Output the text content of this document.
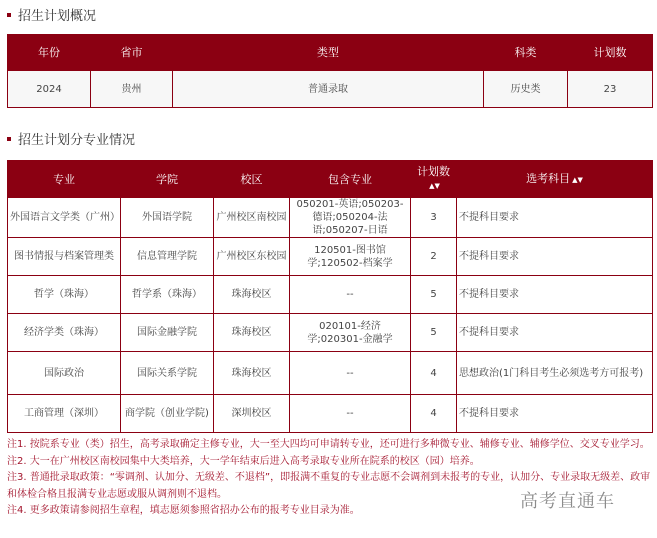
招生计划概况
年份	省市	类型	科类	计划数
2024	贵州	普通录取	历史类	23
招生计划分专业情况
专业	学院	校区	包含专业	计划数▲▼	选考科目 ▲▼
外国语言文学类（广州）	外国语学院	广州校区南校园	050201-英语;050203-德语;050204-法语;050207-日语	3	不提科目要求
图书情报与档案管理类	信息管理学院	广州校区东校园	120501-图书馆学;120502-档案学	2	不提科目要求
哲学（珠海）	哲学系（珠海）	珠海校区	--	5	不提科目要求
经济学类（珠海）	国际金融学院	珠海校区	020101-经济学;020301-金融学	5	不提科目要求
国际政治	国际关系学院	珠海校区	--	4	思想政治(1门科目考生必须选考方可报考)
工商管理（深圳）	商学院（创业学院)	深圳校区	--	4	不提科目要求
注1. 按院系专业（类）招生，高考录取确定主修专业，大一至大四均可申请转专业，还可进行多种微专业、辅修专业、辅修学位、交叉专业学习。
注2. 大一在广州校区南校园集中大类培养，大一学年结束后进入高考录取专业所在院系的校区（园）培养。
注3. 普通批录取政策：“零调剂、认加分、无级差、不退档”，即报满不重复的专业志愿不会调剂到未报考的专业，认加分、专业录取无级差、政审和体检合格且报满专业志愿或服从调剂则不退档。
注4. 更多政策请参阅招生章程，填志愿须参照省招办公布的报考专业目录为准。	高考直通车
